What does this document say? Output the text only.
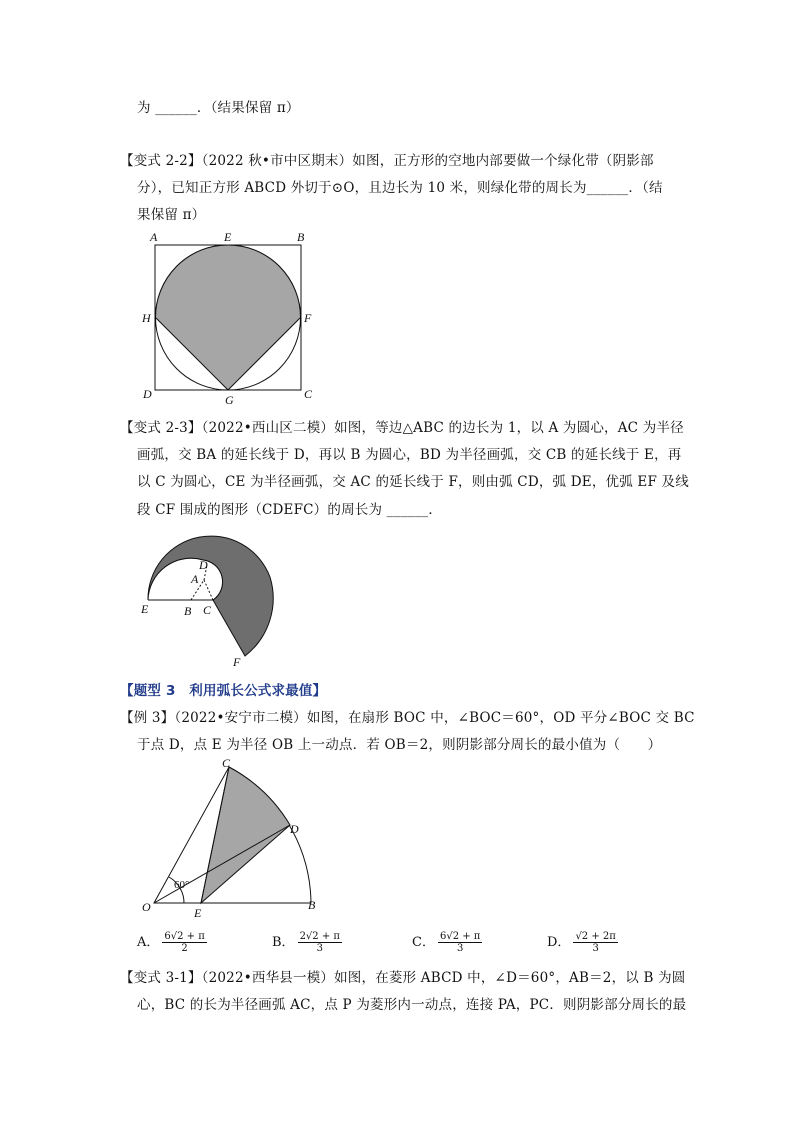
为 ______．（结果保留 π）
【变式 2-2】（2022 秋•市中区期末）如图，正方形的空地内部要做一个绿化带（阴影部
分），已知正方形 ABCD 外切于⊙O，且边长为 10 米，则绿化带的周长为______．（结
果保留 π）
A	E	B
H	F
D	G	C
【变式 2-3】（2022•西山区二模）如图，等边△ABC 的边长为 1，以 A 为圆心，AC 为半径
画弧，交 BA 的延长线于 D，再以 B 为圆心，BD 为半径画弧，交 CB 的延长线于 E，再
以 C 为圆心，CE 为半径画弧，交 AC 的延长线于 F，则由弧 CD，弧 DE，优弧 EF 及线
段 CF 围成的图形（CDEFC）的周长为 ______．
D
A
E	B C
F
【题型 3　利用弧长公式求最值】
【例 3】（2022•安宁市二模）如图，在扇形 BOC 中，∠BOC＝60°，OD 平分∠BOC 交 BC
于点 D，点 E 为半径 OB 上一动点．若 OB＝2，则阴影部分周长的最小值为（　　）
C
D
O	E
B
60°
A． $\frac{6√2 + \pi}{2}$	B． $\frac{2√2 + \pi}{3}$	C． $\frac{6√2 + \pi}{3}$	D． $\frac{√2 + 2\pi}{3}$
【变式 3-1】（2022•西华县一模）如图，在菱形 ABCD 中，∠D＝60°，AB＝2，以 B 为圆
心，BC 的长为半径画弧 AC，点 P 为菱形内一动点，连接 PA，PC．则阴影部分周长的最
